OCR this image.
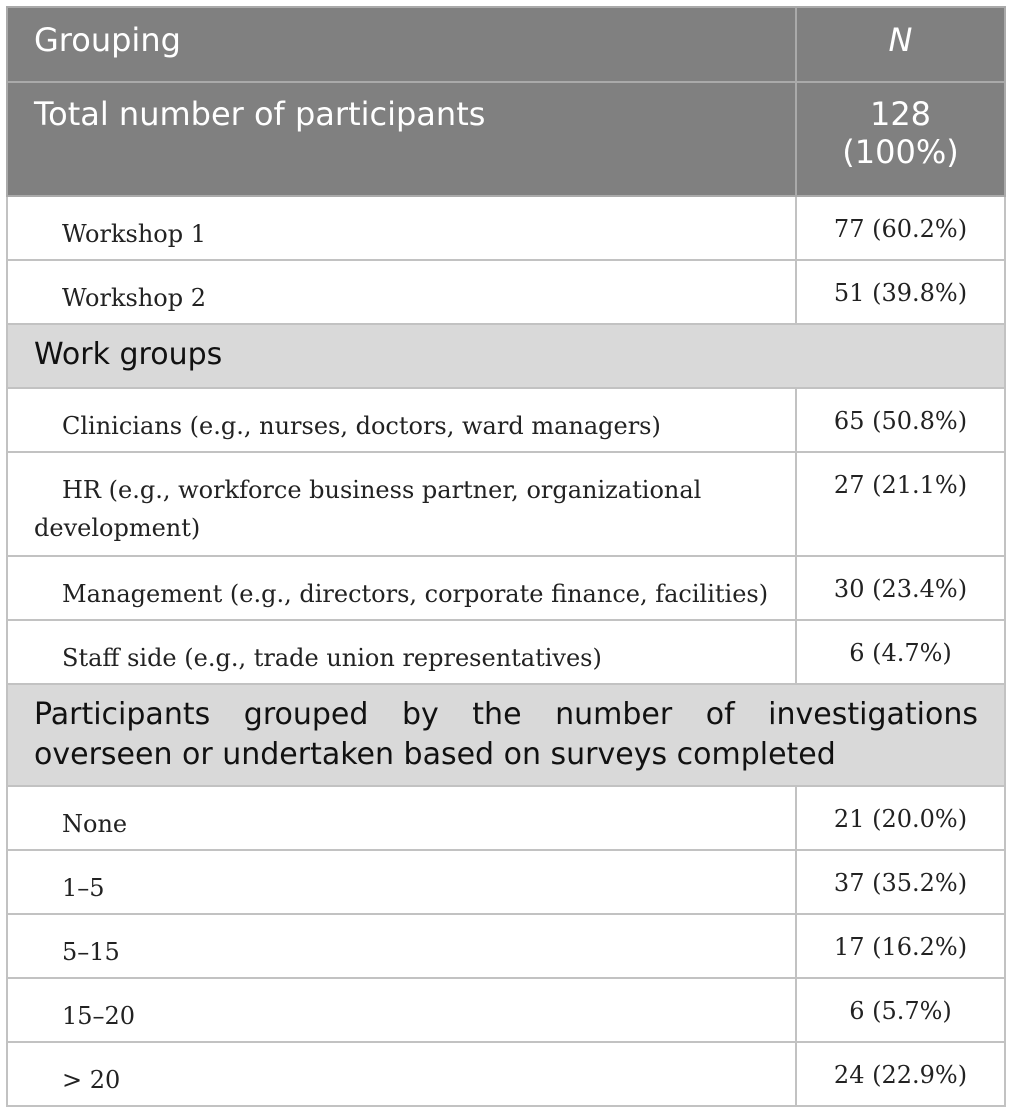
Grouping	N
Total number of participants	128
(100%)

Workshop 1	77 (60.2%)

Workshop 2	51 (39.8%)
Work groups	

Clinicians (e.g., nurses, doctors, ward managers)	65 (50.8%)

HR (e.g., workforce business partner, organizational development)	27 (21.1%)

Management (e.g., directors, corporate finance, facilities)	30 (23.4%)

Staff side (e.g., trade union representatives)	6 (4.7%)
Participants grouped by the number of investigations overseen or undertaken based on surveys completed	

None	21 (20.0%)

1–5	37 (35.2%)

5–15	17 (16.2%)

15–20	6 (5.7%)

> 20	24 (22.9%)
